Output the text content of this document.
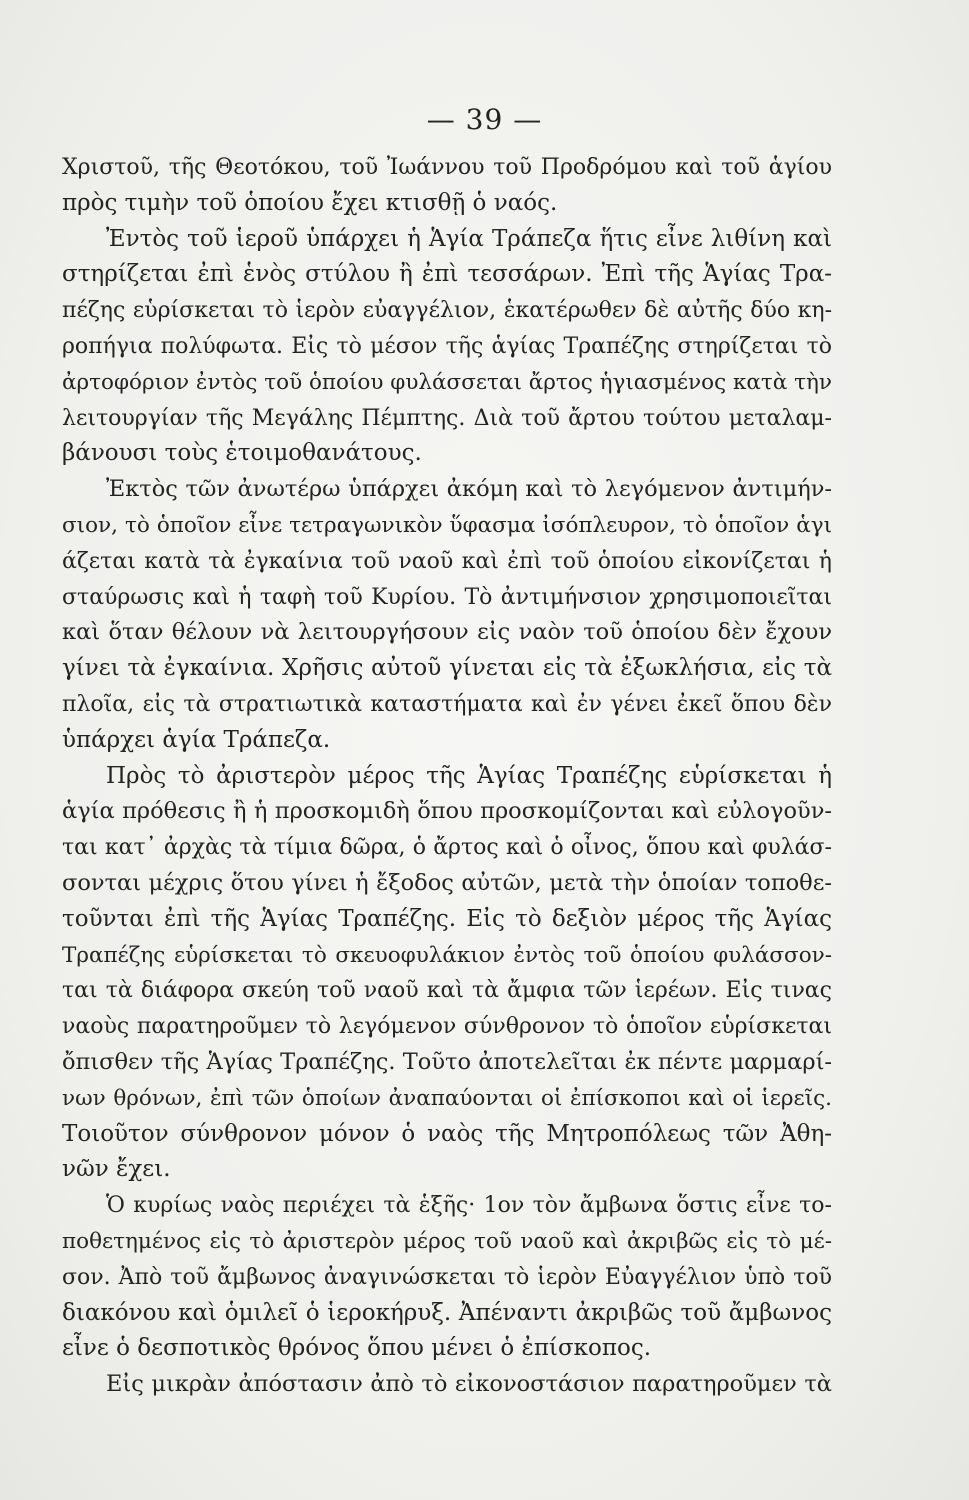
— 39 —
Χριστοῦ, τῆς Θεοτόκου, τοῦ Ἰωάννου τοῦ Προδρόμου καὶ τοῦ ἁγίου
πρὸς τιμὴν τοῦ ὁποίου ἔχει κτισθῇ ὁ ναός.
Ἐντὸς τοῦ ἱεροῦ ὑπάρχει ἡ Ἁγία Τράπεζα ἥτις εἶνε λιθίνη καὶ
στηρίζεται ἐπὶ ἑνὸς στύλου ἢ ἐπὶ τεσσάρων. Ἐπὶ τῆς Ἁγίας Τρα-
πέζης εὑρίσκεται τὸ ἱερὸν εὐαγγέλιον, ἑκατέρωθεν δὲ αὐτῆς δύο κη-
ροπήγια πολύφωτα. Εἰς τὸ μέσον τῆς ἁγίας Τραπέζης στηρίζεται τὸ
ἀρτοφόριον ἐντὸς τοῦ ὁποίου φυλάσσεται ἄρτος ἡγιασμένος κατὰ τὴν
λειτουργίαν τῆς Μεγάλης Πέμπτης. Διὰ τοῦ ἄρτου τούτου μεταλαμ-
βάνουσι τοὺς ἑτοιμοθανάτους.
Ἐκτὸς τῶν ἀνωτέρω ὑπάρχει ἀκόμη καὶ τὸ λεγόμενον ἀντιμήν-
σιον, τὸ ὁποῖον εἶνε τετραγωνικὸν ὕφασμα ἰσόπλευρον, τὸ ὁποῖον ἁγι
άζεται κατὰ τὰ ἐγκαίνια τοῦ ναοῦ καὶ ἐπὶ τοῦ ὁποίου εἰκονίζεται ἡ
σταύρωσις καὶ ἡ ταφὴ τοῦ Κυρίου. Τὸ ἀντιμήνσιον χρησιμοποιεῖται
καὶ ὅταν θέλουν νὰ λειτουργήσουν εἰς ναὸν τοῦ ὁποίου δὲν ἔχουν
γίνει τὰ ἐγκαίνια. Χρῆσις αὐτοῦ γίνεται εἰς τὰ ἐξωκλήσια, εἰς τὰ
πλοῖα, εἰς τὰ στρατιωτικὰ καταστήματα καὶ ἐν γένει ἐκεῖ ὅπου δὲν
ὑπάρχει ἁγία Τράπεζα.
Πρὸς τὸ ἀριστερὸν μέρος τῆς Ἁγίας Τραπέζης εὑρίσκεται ἡ
ἁγία πρόθεσις ἢ ἡ προσκομιδὴ ὅπου προσκομίζονται καὶ εὐλογοῦν-
ται κατ᾿ ἀρχὰς τὰ τίμια δῶρα, ὁ ἄρτος καὶ ὁ οἶνος, ὅπου καὶ φυλάσ-
σονται μέχρις ὅτου γίνει ἡ ἔξοδος αὐτῶν, μετὰ τὴν ὁποίαν τοποθε-
τοῦνται ἐπὶ τῆς Ἁγίας Τραπέζης. Εἰς τὸ δεξιὸν μέρος τῆς Ἁγίας
Τραπέζης εὑρίσκεται τὸ σκευοφυλάκιον ἐντὸς τοῦ ὁποίου φυλάσσον-
ται τὰ διάφορα σκεύη τοῦ ναοῦ καὶ τὰ ἄμφια τῶν ἱερέων. Εἰς τινας
ναοὺς παρατηροῦμεν τὸ λεγόμενον σύνθρονον τὸ ὁποῖον εὑρίσκεται
ὄπισθεν τῆς Ἁγίας Τραπέζης. Τοῦτο ἀποτελεῖται ἐκ πέντε μαρμαρί-
νων θρόνων, ἐπὶ τῶν ὁποίων ἀναπαύονται οἱ ἐπίσκοποι καὶ οἱ ἱερεῖς.
Τοιοῦτον σύνθρονον μόνον ὁ ναὸς τῆς Μητροπόλεως τῶν Ἀθη-
νῶν ἔχει.
Ὁ κυρίως ναὸς περιέχει τὰ ἑξῆς· 1ον τὸν ἄμβωνα ὅστις εἶνε το-
ποθετημένος εἰς τὸ ἀριστερὸν μέρος τοῦ ναοῦ καὶ ἀκριβῶς εἰς τὸ μέ-
σον. Ἀπὸ τοῦ ἄμβωνος ἀναγινώσκεται τὸ ἱερὸν Εὐαγγέλιον ὑπὸ τοῦ
διακόνου καὶ ὁμιλεῖ ὁ ἱεροκήρυξ. Ἀπέναντι ἀκριβῶς τοῦ ἄμβωνος
εἶνε ὁ δεσποτικὸς θρόνος ὅπου μένει ὁ ἐπίσκοπος.
Εἰς μικρὰν ἀπόστασιν ἀπὸ τὸ εἰκονοστάσιον παρατηροῦμεν τὰ
